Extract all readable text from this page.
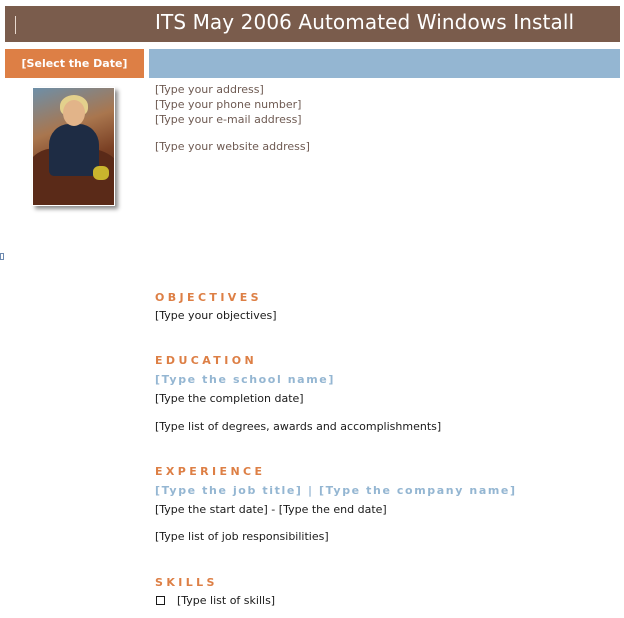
ITS May 2006 Automated Windows Install
[Select the Date]
[Type your address]
[Type your phone number]
[Type your e-mail address]
[Type your website address]
OBJECTIVES
[Type your objectives]
EDUCATION
[Type the school name]
[Type the completion date]
[Type list of degrees, awards and accomplishments]
EXPERIENCE
[Type the job title] | [Type the company name]
[Type the start date] - [Type the end date]
[Type list of job responsibilities]
SKILLS
[Type list of skills]
